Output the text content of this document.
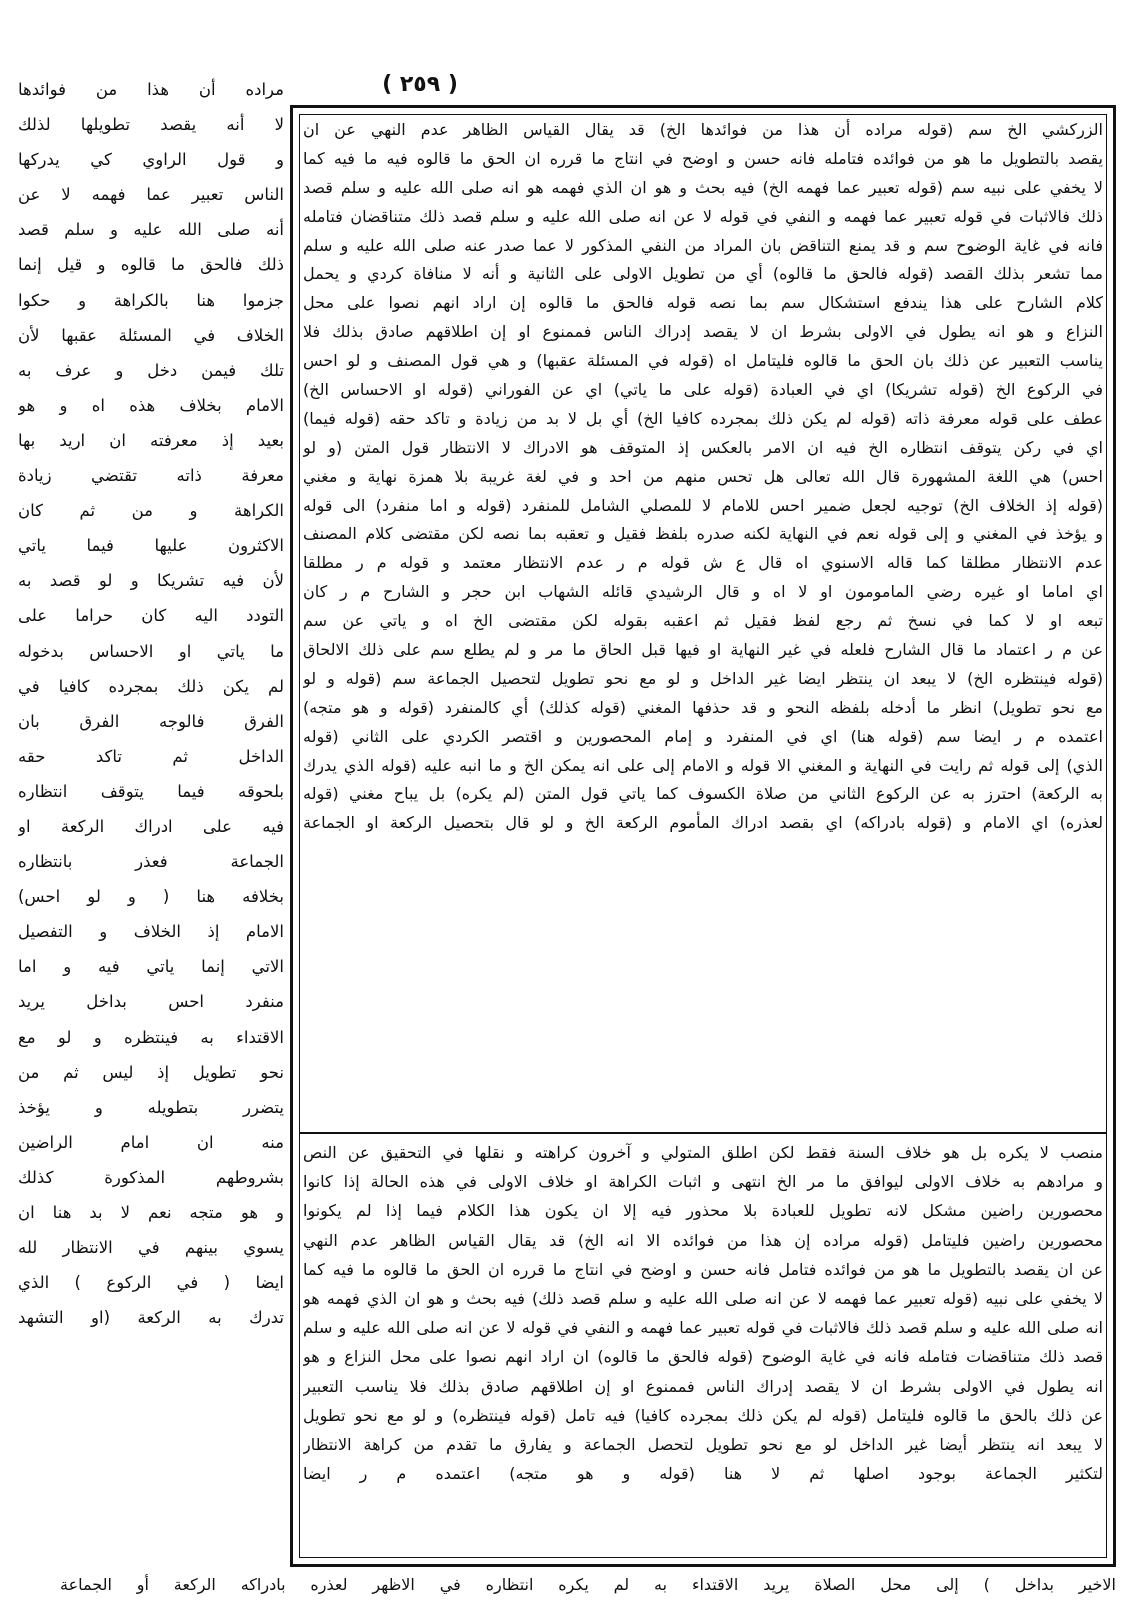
( ٢٥٩ )
مراده أن هذا من فوائدها
لا أنه يقصد تطويلها لذلك
و قول الراوي كي يدركها
الناس تعبير عما فهمه لا عن
أنه صلى الله عليه و سلم قصد
ذلك فالحق ما قالوه و قيل إنما
جزموا هنا بالكراهة و حكوا
الخلاف في المسئلة عقبها لأن
تلك فيمن دخل و عرف به
الامام بخلاف هذه اه و هو
بعيد إذ معرفته ان اريد بها
معرفة ذاته تقتضي زيادة
الكراهة و من ثم كان
الاكثرون عليها فيما ياتي
لأن فيه تشريكا و لو قصد به
التودد اليه كان حراما على
ما ياتي او الاحساس بدخوله
لم يكن ذلك بمجرده كافيا في
الفرق فالوجه الفرق بان
الداخل ثم تاكد حقه
بلحوقه فيما يتوقف انتظاره
فيه على ادراك الركعة او
الجماعة فعذر بانتظاره
بخلافه هنا ( و لو احس)
الامام إذ الخلاف و التفصيل
الاتي إنما ياتي فيه و اما
منفرد احس بداخل يريد
الاقتداء به فينتظره و لو مع
نحو تطويل إذ ليس ثم من
يتضرر بتطويله و يؤخذ
منه ان امام الراضين
بشروطهم المذكورة كذلك
و هو متجه نعم لا بد هنا ان
يسوي بينهم في الانتظار لله
ايضا ( في الركوع ) الذي
تدرك به الركعة (او التشهد
الزركشي الخ سم (قوله مراده أن هذا من فوائدها الخ) قد يقال القياس الظاهر عدم النهي عن ان
يقصد بالتطويل ما هو من فوائده فتامله فانه حسن و اوضح في انتاج ما قرره ان الحق ما قالوه فيه ما فيه كما
لا يخفي على نبيه سم (قوله تعبير عما فهمه الخ) فيه بحث و هو ان الذي فهمه هو انه صلى الله عليه و سلم قصد
ذلك فالاثبات في قوله تعبير عما فهمه و النفي في قوله لا عن انه صلى الله عليه و سلم قصد ذلك متناقضان فتامله
فانه في غاية الوضوح سم و قد يمنع التناقض بان المراد من النفي المذكور لا عما صدر عنه صلى الله عليه و سلم
مما تشعر بذلك القصد (قوله فالحق ما قالوه) أي من تطويل الاولى على الثانية و أنه لا منافاة كردي و يحمل
كلام الشارح على هذا يندفع استشكال سم بما نصه قوله فالحق ما قالوه إن اراد انهم نصوا على محل
النزاع و هو انه يطول في الاولى بشرط ان لا يقصد إدراك الناس فممنوع او إن اطلاقهم صادق بذلك فلا
يناسب التعبير عن ذلك بان الحق ما قالوه فليتامل اه (قوله في المسئلة عقبها) و هي قول المصنف و لو احس
في الركوع الخ (قوله تشريكا) اي في العبادة (قوله على ما ياتي) اي عن الفوراني (قوله او الاحساس الخ)
عطف على قوله معرفة ذاته (قوله لم يكن ذلك بمجرده كافيا الخ) أي بل لا بد من زيادة و تاكد حقه (قوله فيما)
اي في ركن يتوقف انتظاره الخ فيه ان الامر بالعكس إذ المتوقف هو الادراك لا الانتظار قول المتن (و لو
احس) هي اللغة المشهورة قال الله تعالى هل تحس منهم من احد و في لغة غريبة بلا همزة نهاية و مغني
(قوله إذ الخلاف الخ) توجيه لجعل ضمير احس للامام لا للمصلي الشامل للمنفرد (قوله و اما منفرد) الى قوله
و يؤخذ في المغني و إلى قوله نعم في النهاية لكنه صدره بلفظ فقيل و تعقبه بما نصه لكن مقتضى كلام المصنف
عدم الانتظار مطلقا كما قاله الاسنوي اه قال ع ش قوله م ر عدم الانتظار معتمد و قوله م ر مطلقا
اي اماما او غيره رضي المامومون او لا اه و قال الرشيدي قائله الشهاب ابن حجر و الشارح م ر كان
تبعه او لا كما في نسخ ثم رجع لفظ فقيل ثم اعقبه بقوله لكن مقتضى الخ اه و ياتي عن سم
عن م ر اعتماد ما قال الشارح فلعله في غير النهاية او فيها قبل الحاق ما مر و لم يطلع سم على ذلك الالحاق
(قوله فينتظره الخ) لا يبعد ان ينتظر ايضا غير الداخل و لو مع نحو تطويل لتحصيل الجماعة سم (قوله و لو
مع نحو تطويل) انظر ما أدخله بلفظه النحو و قد حذفها المغني (قوله كذلك) أي كالمنفرد (قوله و هو متجه)
اعتمده م ر ايضا سم (قوله هنا) اي في المنفرد و إمام المحصورين و اقتصر الكردي على الثاني (قوله
الذي) إلى قوله ثم رايت في النهاية و المغني الا قوله و الامام إلى على انه يمكن الخ و ما انبه عليه (قوله الذي يدرك
به الركعة) احترز به عن الركوع الثاني من صلاة الكسوف كما ياتي قول المتن (لم يكره) بل يباح مغني (قوله
لعذره) اي الامام و (قوله بادراكه) اي بقصد ادراك المأموم الركعة الخ و لو قال بتحصيل الركعة او الجماعة
منصب لا يكره بل هو خلاف السنة فقط لكن اطلق المتولي و آخرون كراهته و نقلها في التحقيق عن النص
و مرادهم به خلاف الاولى ليوافق ما مر الخ انتهى و اثبات الكراهة او خلاف الاولى في هذه الحالة إذا كانوا
محصورين راضين مشكل لانه تطويل للعبادة بلا محذور فيه إلا ان يكون هذا الكلام فيما إذا لم يكونوا
محصورين راضين فليتامل (قوله مراده إن هذا من فوائده الا انه الخ) قد يقال القياس الظاهر عدم النهي
عن ان يقصد بالتطويل ما هو من فوائده فتامل فانه حسن و اوضح في انتاج ما قرره ان الحق ما قالوه ما فيه كما
لا يخفي على نبيه (قوله تعبير عما فهمه لا عن انه صلى الله عليه و سلم قصد ذلك) فيه بحث و هو ان الذي فهمه هو
انه صلى الله عليه و سلم قصد ذلك فالاثبات في قوله تعبير عما فهمه و النفي في قوله لا عن انه صلى الله عليه و سلم
قصد ذلك متناقضات فتامله فانه في غاية الوضوح (قوله فالحق ما قالوه) ان اراد انهم نصوا على محل النزاع و هو
انه يطول في الاولى بشرط ان لا يقصد إدراك الناس فممنوع او إن اطلاقهم صادق بذلك فلا يناسب التعبير
عن ذلك بالحق ما قالوه فليتامل (قوله لم يكن ذلك بمجرده كافيا) فيه تامل (قوله فينتظره) و لو مع نحو تطويل
لا يبعد انه ينتظر أيضا غير الداخل لو مع نحو تطويل لتحصل الجماعة و يفارق ما تقدم من كراهة الانتظار
لتكثير الجماعة بوجود اصلها ثم لا هنا (قوله و هو متجه) اعتمده م ر ايضا
الاخير بداخل ) إلى محل الصلاة يريد الاقتداء به لم يكره انتظاره في الاظهر لعذره بادراكه الركعة أو الجماعة
